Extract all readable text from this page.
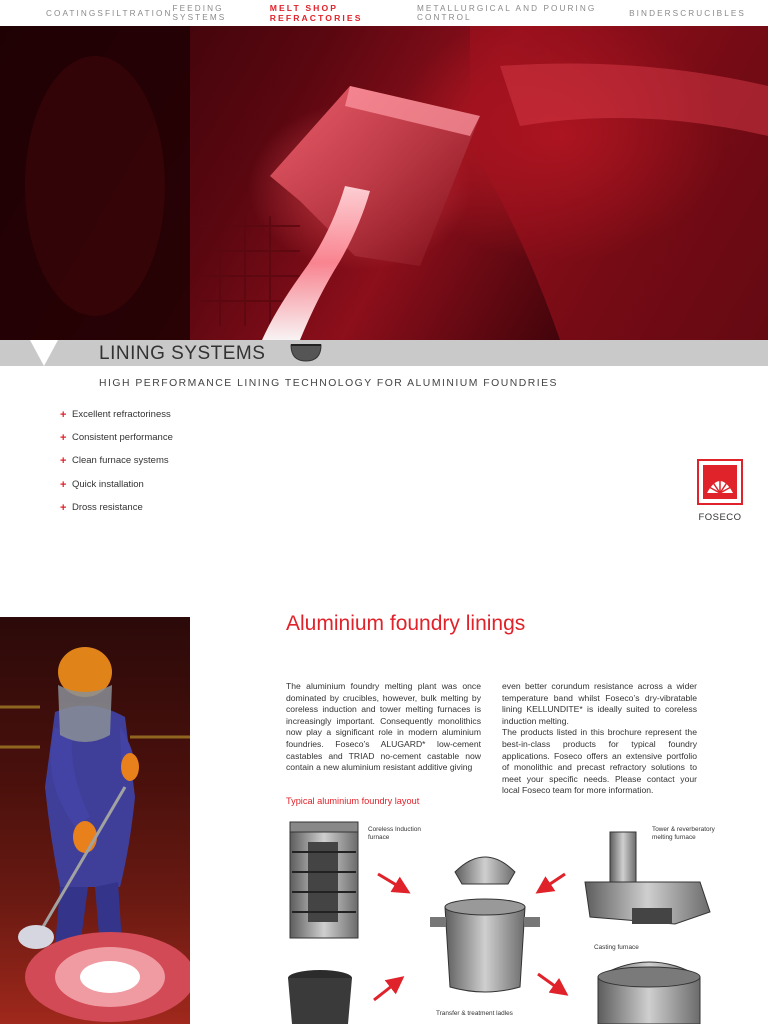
COATINGS FILTRATION FEEDING SYSTEMS
MELT SHOP REFRACTORIES
METALLURGICAL AND POURING CONTROL	BINDERS CRUCIBLES
LINING SYSTEMS
HIGH PERFORMANCE LINING TECHNOLOGY FOR ALUMINIUM FOUNDRIES
+ Excellent refractoriness
+ Consistent performance
+ Clean furnace systems
+ Quick installation
+ Dross resistance
FOSECO
Aluminium foundry linings
The aluminium foundry melting plant was once dominated by crucibles, however, bulk melting by coreless induction and tower melting furnaces is increasingly important. Consequently monolithics now play a significant role in modern aluminium foundries. Foseco’s ALUGARD* low-cement castables and TRIAD no-cement castable now contain a new aluminium resistant additive giving
even better corundum resistance across a wider temperature band whilst Foseco’s dry-vibratable lining KELLUNDITE* is ideally suited to coreless induction melting.
The products listed in this brochure represent the best-in-class products for typical foundry applications. Foseco offers an extensive portfolio of monolithic and precast refractory solutions to meet your specific needs. Please contact your local Foseco team for more information.
Typical aluminium foundry layout
Coreless Induction
furnace
Tower & reverberatory
melting furnace
Casting furnace
Transfer & treatment ladles
